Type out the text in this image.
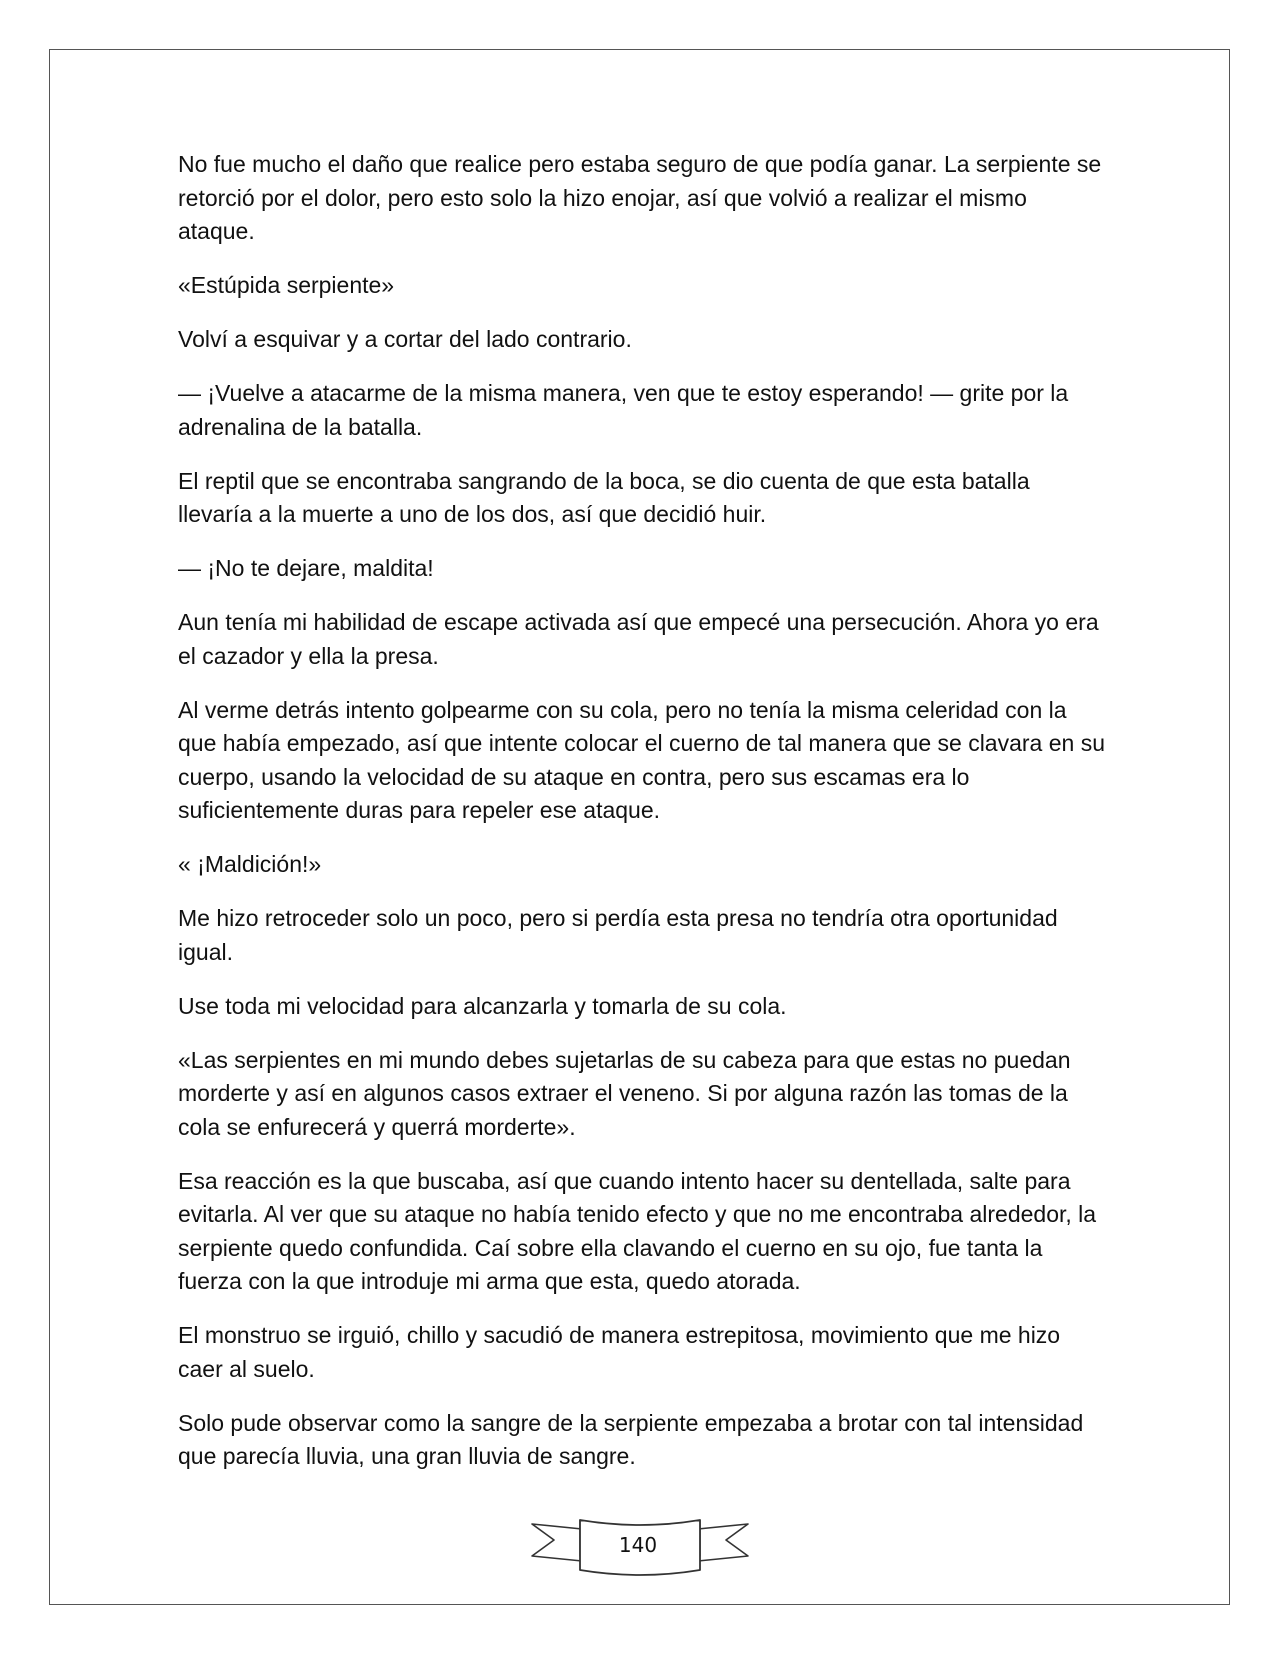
No fue mucho el daño que realice pero estaba seguro de que podía ganar. La serpiente se retorció por el dolor, pero esto solo la hizo enojar, así que volvió a realizar el mismo ataque.

«Estúpida serpiente»

Volví a esquivar y a cortar del lado contrario.

— ¡Vuelve a atacarme de la misma manera, ven que te estoy esperando! — grite por la adrenalina de la batalla.

El reptil que se encontraba sangrando de la boca, se dio cuenta de que esta batalla llevaría a la muerte a uno de los dos, así que decidió huir.

— ¡No te dejare, maldita!

Aun tenía mi habilidad de escape activada así que empecé una persecución. Ahora yo era el cazador y ella la presa.

Al verme detrás intento golpearme con su cola, pero no tenía la misma celeridad con la que había empezado, así que intente colocar el cuerno de tal manera que se clavara en su cuerpo, usando la velocidad de su ataque en contra, pero sus escamas era lo suficientemente duras para repeler ese ataque.

« ¡Maldición!»

Me hizo retroceder solo un poco, pero si perdía esta presa no tendría otra oportunidad igual.

Use toda mi velocidad para alcanzarla y tomarla de su cola.

«Las serpientes en mi mundo debes sujetarlas de su cabeza para que estas no puedan morderte y así en algunos casos extraer el veneno. Si por alguna razón las tomas de la cola se enfurecerá y querrá morderte».

Esa reacción es la que buscaba, así que cuando intento hacer su dentellada, salte para evitarla. Al ver que su ataque no había tenido efecto y que no me encontraba alrededor, la serpiente quedo confundida. Caí sobre ella clavando el cuerno en su ojo, fue tanta la fuerza con la que introduje mi arma que esta, quedo atorada.

El monstruo se irguió, chillo y sacudió de manera estrepitosa, movimiento que me hizo caer al suelo.

Solo pude observar como la sangre de la serpiente empezaba a brotar con tal intensidad que parecía lluvia, una gran lluvia de sangre.

140
